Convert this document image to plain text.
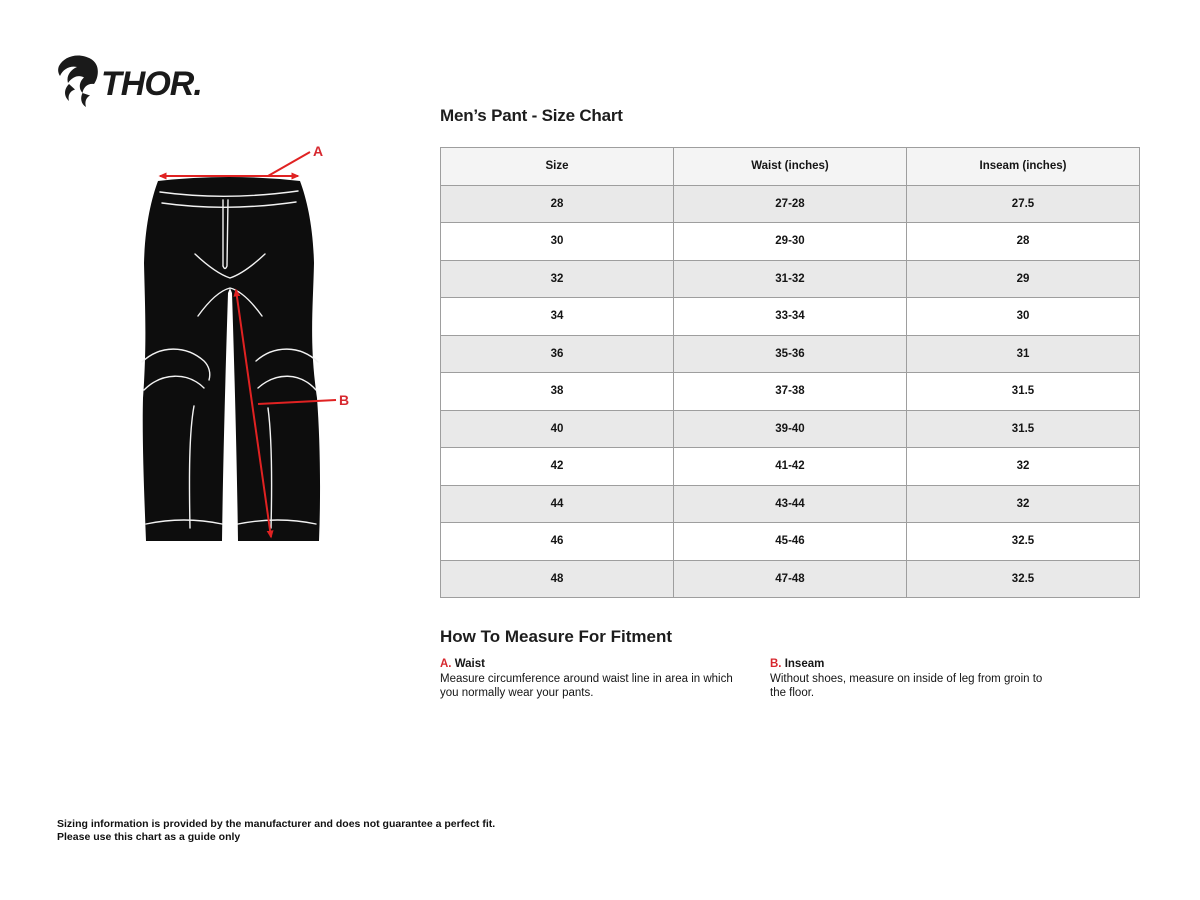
THOR.
A
B
Men’s Pant - Size Chart
Size	Waist (inches)	Inseam (inches)
28	27-28	27.5
30	29-30	28
32	31-32	29
34	33-34	30
36	35-36	31
38	37-38	31.5
40	39-40	31.5
42	41-42	32
44	43-44	32
46	45-46	32.5
48	47-48	32.5
How To Measure For Fitment
A. Waist
Measure circumference around waist line in area in which you normally wear your pants.
B. Inseam
Without shoes, measure on inside of leg from groin to the floor.
Sizing information is provided by the manufacturer and does not guarantee a perfect fit.
Please use this chart as a guide only
